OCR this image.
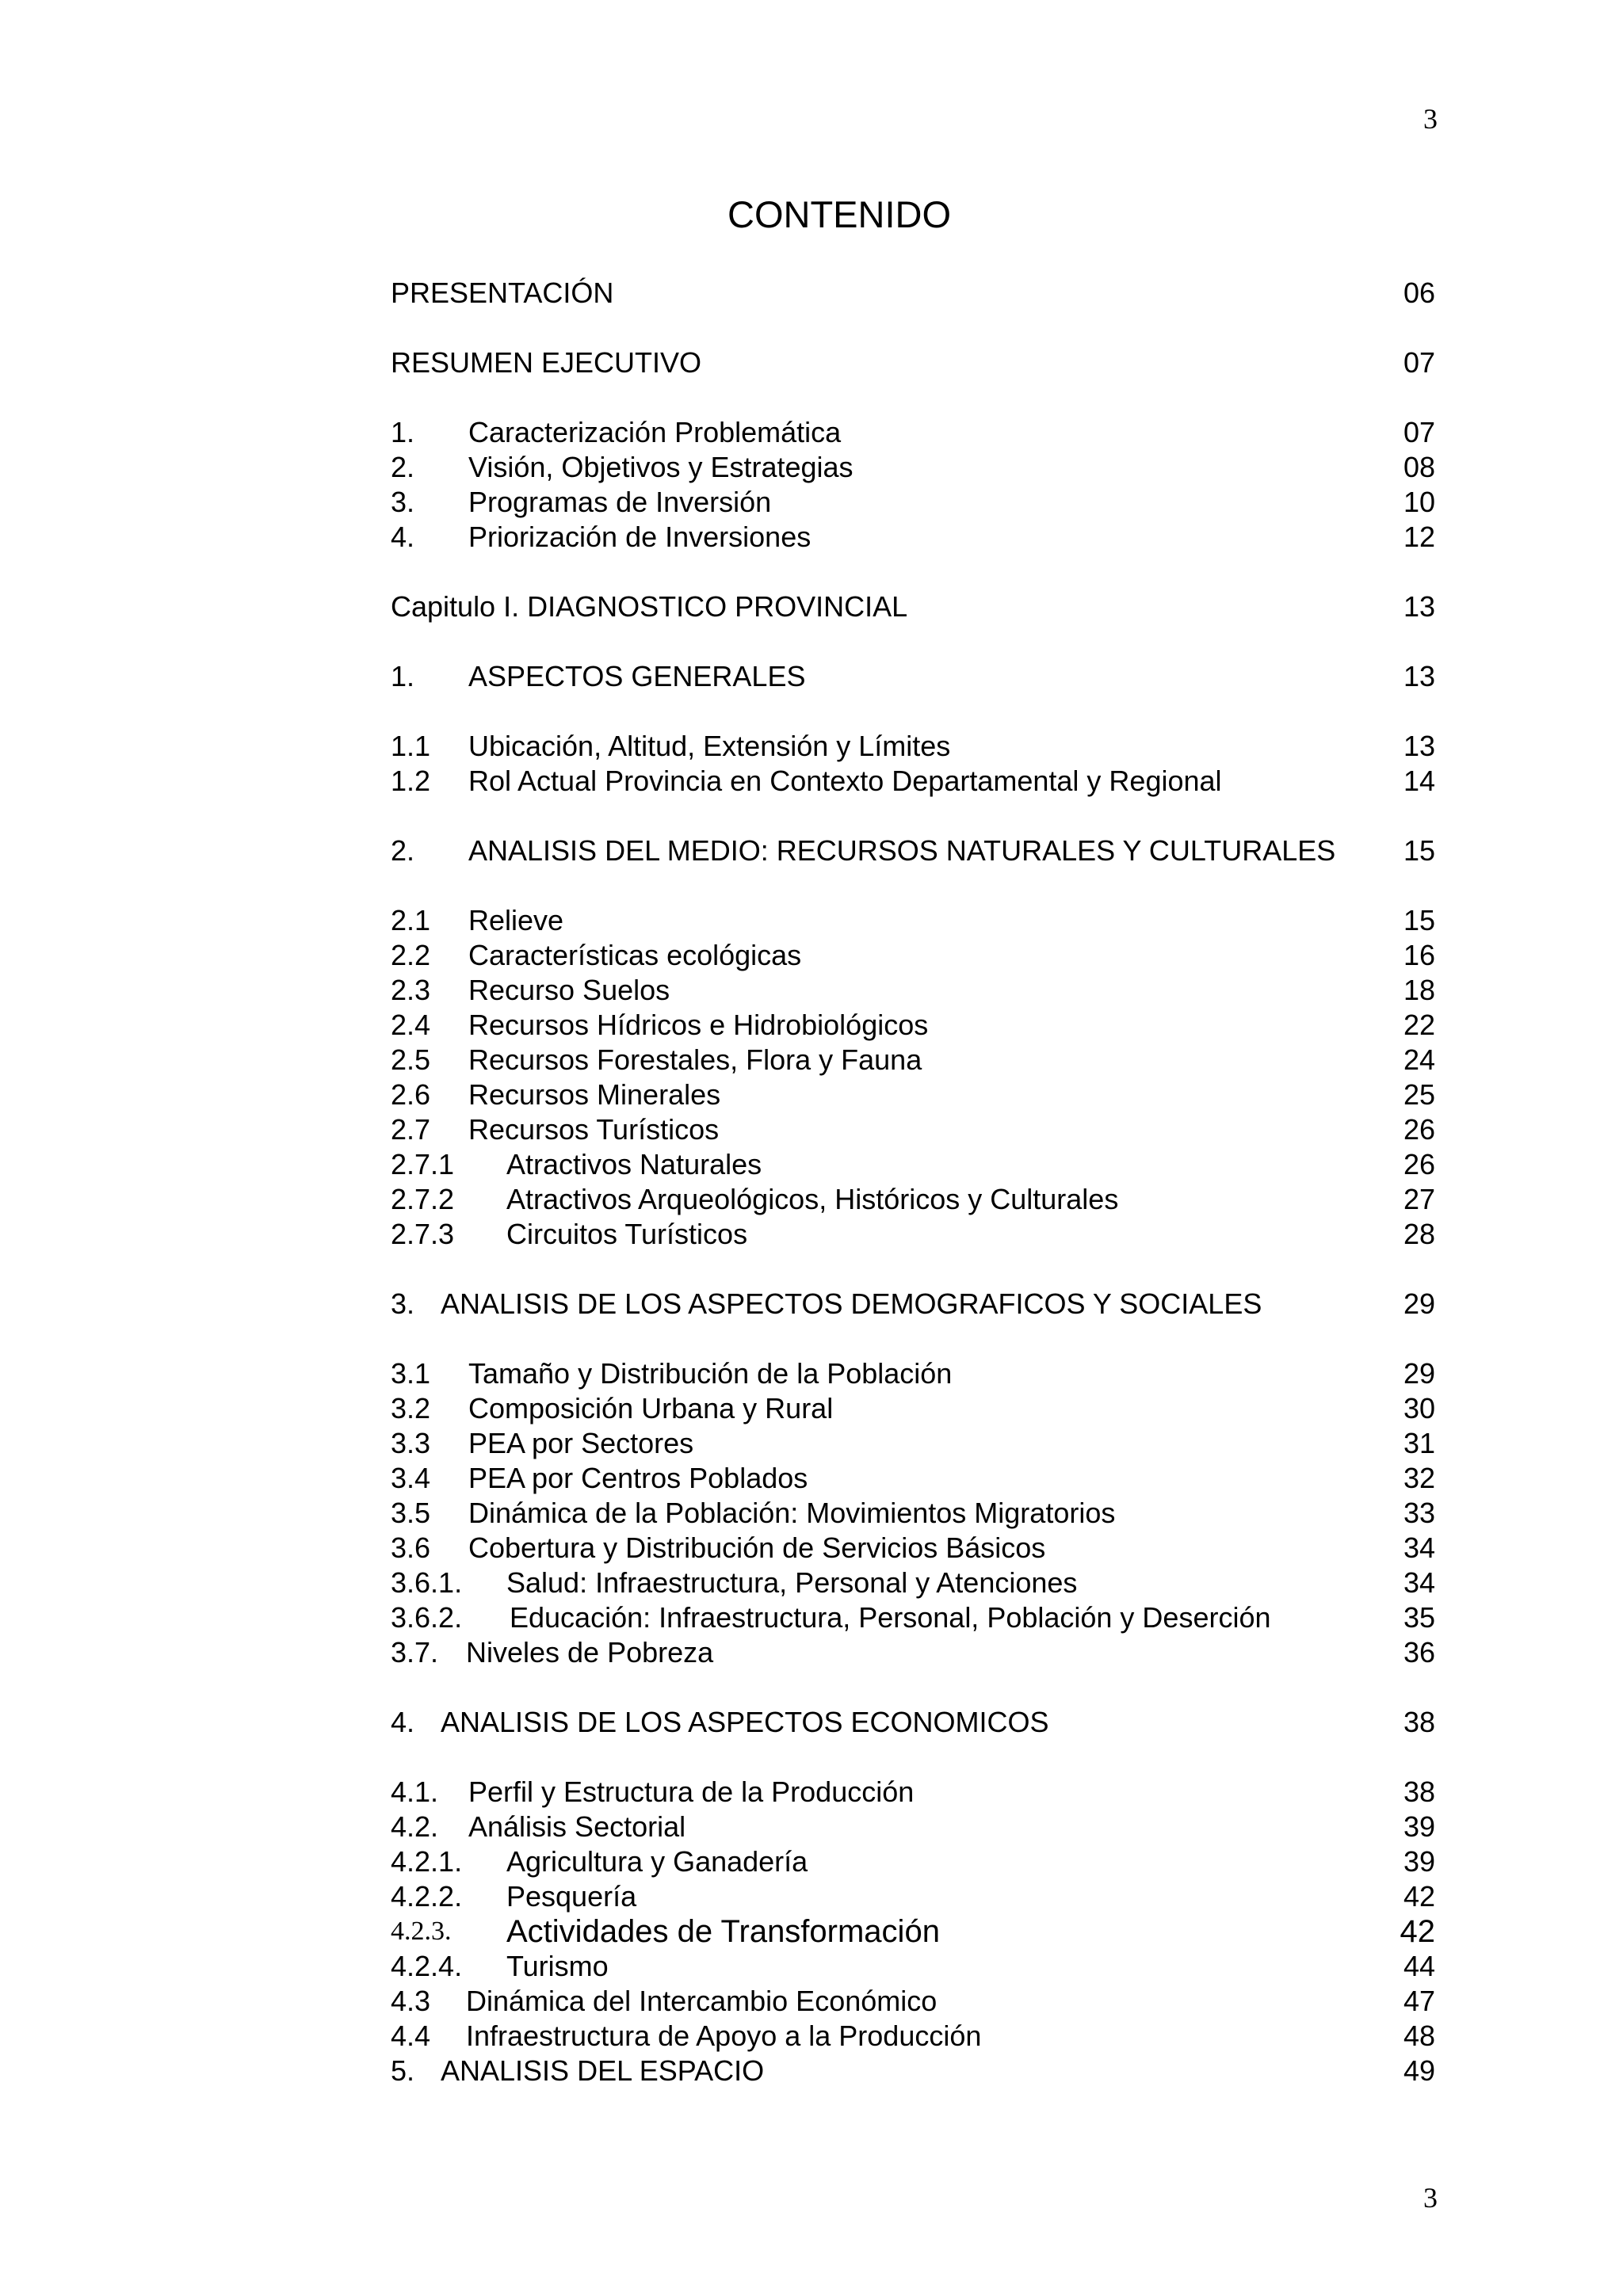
3
CONTENIDO
PRESENTACIÓN	06
RESUMEN EJECUTIVO	07
1. Caracterización Problemática	07
2. Visión, Objetivos y Estrategias	08
3. Programas de Inversión	10
4. Priorización de Inversiones	12
Capitulo I. DIAGNOSTICO PROVINCIAL	13
1. ASPECTOS GENERALES	13
1.1 Ubicación, Altitud, Extensión y Límites	13
1.2 Rol Actual Provincia en Contexto Departamental y Regional	14
2. ANALISIS DEL MEDIO: RECURSOS NATURALES Y CULTURALES 15
2.1 Relieve	15
2.2 Características ecológicas	16
2.3 Recurso Suelos	18
2.4 Recursos Hídricos e Hidrobiológicos	22
2.5 Recursos Forestales, Flora y Fauna	24
2.6 Recursos Minerales	25
2.7 Recursos Turísticos	26
2.7.1 Atractivos Naturales	26
2.7.2 Atractivos Arqueológicos, Históricos y Culturales	27
2.7.3 Circuitos Turísticos	28
3. ANALISIS DE LOS ASPECTOS DEMOGRAFICOS Y SOCIALES	29
3.1 Tamaño y Distribución de la Población	29
3.2 Composición Urbana y Rural	30
3.3 PEA por Sectores	31
3.4 PEA por Centros Poblados	32
3.5 Dinámica de la Población: Movimientos Migratorios	33
3.6 Cobertura y Distribución de Servicios Básicos	34
3.6.1. Salud: Infraestructura, Personal y Atenciones	34
3.6.2. Educación: Infraestructura, Personal, Población y Deserción	35
3.7. Niveles de Pobreza	36
4. ANALISIS DE LOS ASPECTOS ECONOMICOS	38
4.1. Perfil y Estructura de la Producción	38
4.2. Análisis Sectorial	39
4.2.1. Agricultura y Ganadería	39
4.2.2. Pesquería	42
4.2.3. Actividades de Transformación	42
4.2.4. Turismo	44
4.3 Dinámica del Intercambio Económico	47
4.4 Infraestructura de Apoyo a la Producción	48
5. ANALISIS DEL ESPACIO	49
3
